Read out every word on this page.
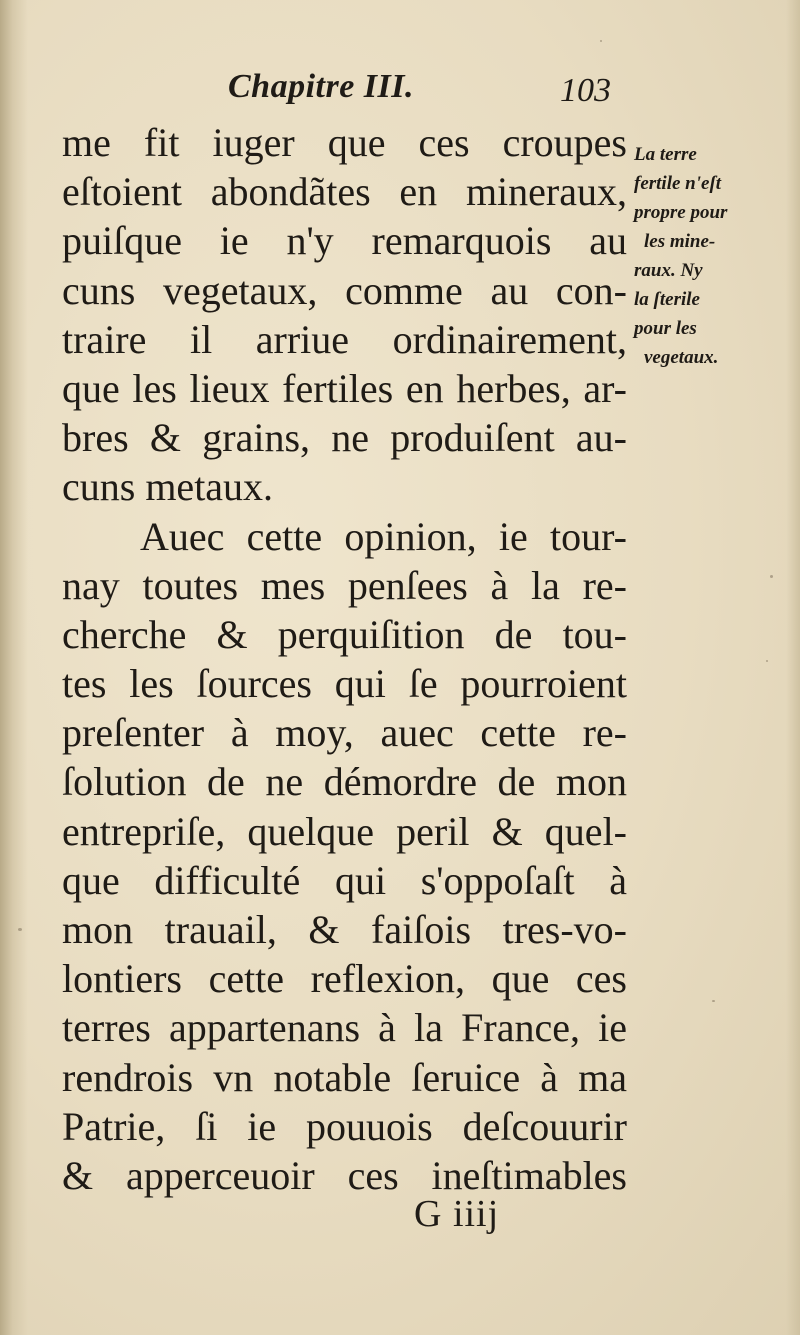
Chapitre III.	103
me fit iuger que ces croupes
eſtoient abondãtes en mineraux,
puiſque ie n'y remarquois au
cuns vegetaux, comme au con-
traire il arriue ordinairement,
que les lieux fertiles en herbes, ar-
bres & grains, ne produiſent au-
cuns metaux.
Auec cette opinion, ie tour-
nay toutes mes penſees à la re-
cherche & perquiſition de tou-
tes les ſources qui ſe pourroient
preſenter à moy, auec cette re-
ſolution de ne démordre de mon
entrepriſe, quelque peril & quel-
que difficulté qui s'oppoſaſt à
mon trauail, & faiſois tres-vo-
lontiers cette reflexion, que ces
terres appartenans à la France, ie
rendrois vn notable ſeruice à ma
Patrie, ſi ie pouuois deſcouurir
& apperceuoir ces ineſtimables
La terre
fertile n'eſt
propre pour
les mine-
raux. Ny
la ſterile
pour les
vegetaux.
G iiij
